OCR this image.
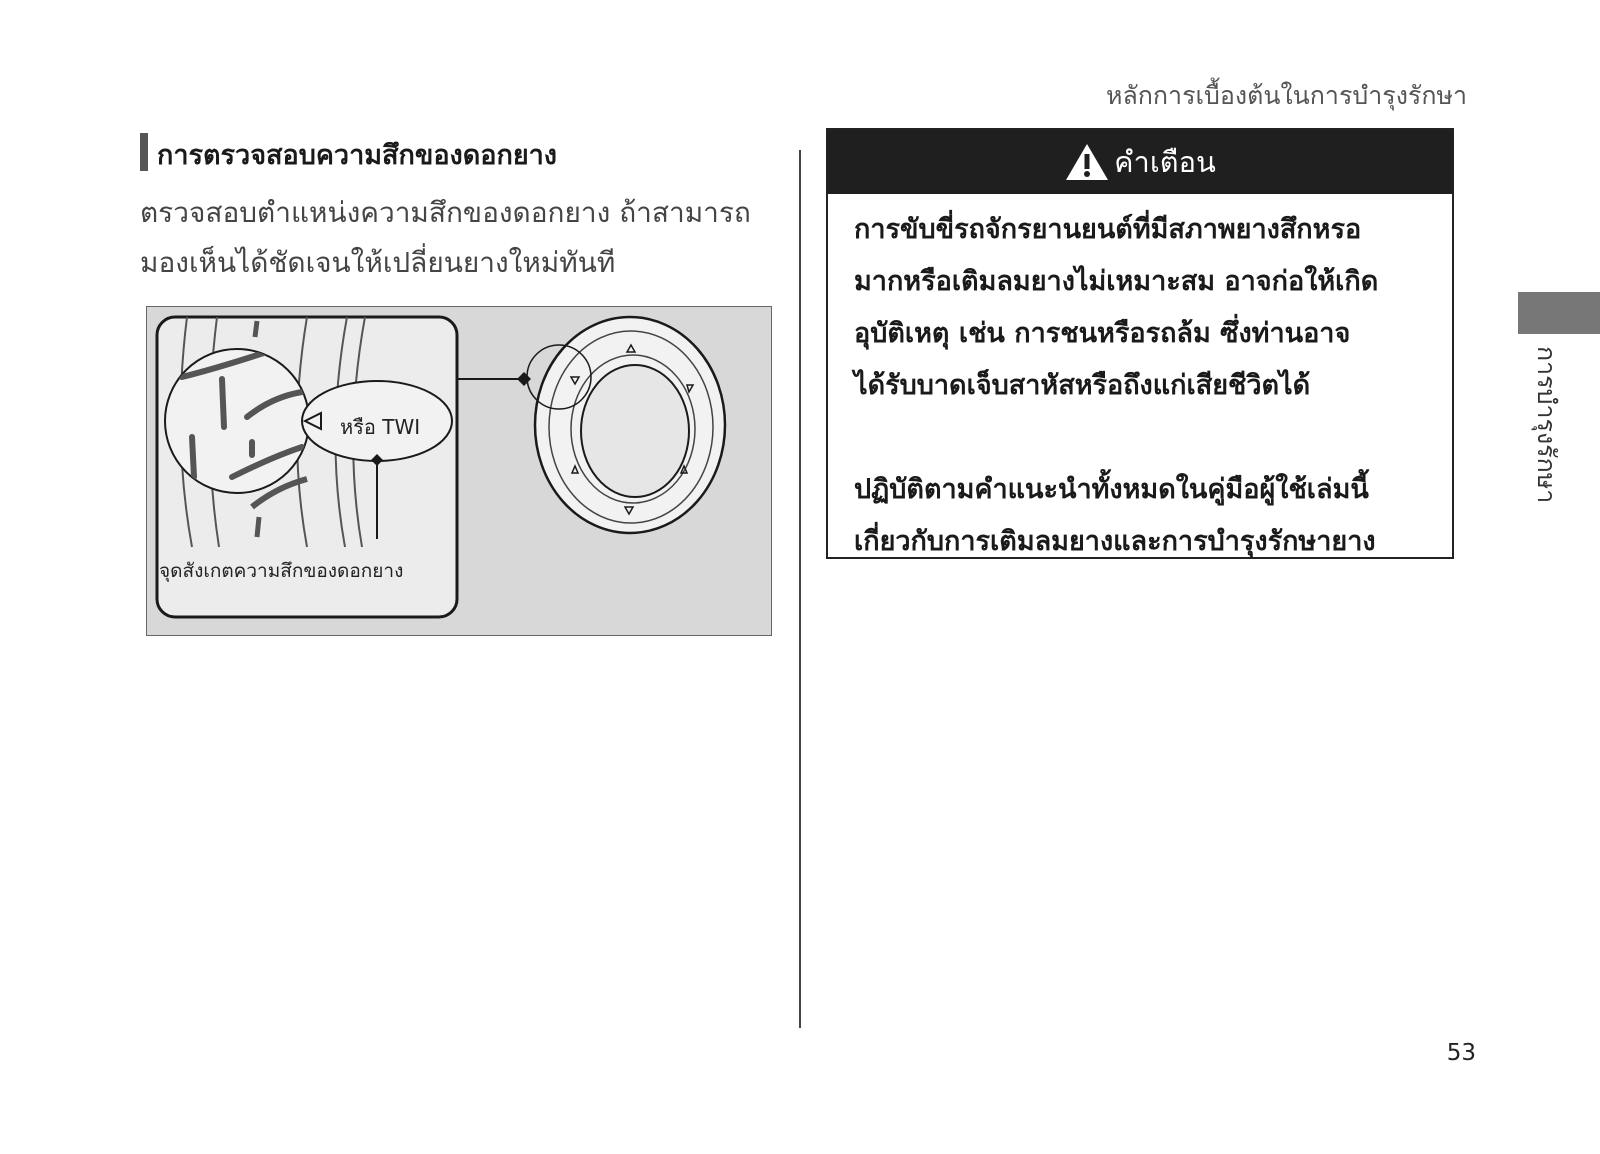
หลักการเบื้องต้นในการบำรุงรักษา
การตรวจสอบความสึกของดอกยาง

ตรวจสอบตำแหน่งความสึกของดอกยาง ถ้าสามารถ
มองเห็นได้ชัดเจนให้เปลี่ยนยางใหม่ทันที

หรือ TWI
จุดสังเกตความสึกของดอกยาง
คำเตือน

การขับขี่รถจักรยานยนต์ที่มีสภาพยางสึกหรอ
มากหรือเติมลมยางไม่เหมาะสม อาจก่อให้เกิด
อุบัติเหตุ เช่น การชนหรือรถล้ม ซึ่งท่านอาจ
ได้รับบาดเจ็บสาหัสหรือถึงแก่เสียชีวิตได้

ปฏิบัติตามคำแนะนำทั้งหมดในคู่มือผู้ใช้เล่มนี้
เกี่ยวกับการเติมลมยางและการบำรุงรักษายาง

การบำรุงรักษา
53
